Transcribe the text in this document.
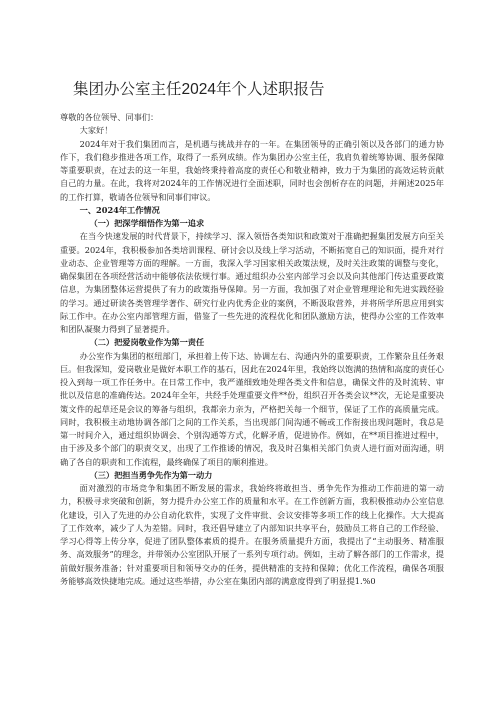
集团办公室主任2024年个人述职报告

尊敬的各位领导、同事们：

大家好！

2024年对于我们集团而言，是机遇与挑战并存的一年。在集团领导的正确引领以及各部门的通力协作下，我们稳步推进各项工作，取得了一系列成绩。作为集团办公室主任，我肩负着统筹协调、服务保障等重要职责，在过去的这一年里，我始终秉持着高度的责任心和敬业精神，致力于为集团的高效运转贡献自己的力量。在此，我将对2024年的工作情况进行全面述职，同时也会剖析存在的问题，并阐述2025年的工作打算，敬请各位领导和同事们审议。

一、2024年工作情况

（一）把深学细悟作为第一追求

在当今快速发展的时代背景下，持续学习、深入领悟各类知识和政策对于准确把握集团发展方向至关重要。2024年，我积极参加各类培训课程、研讨会以及线上学习活动，不断拓宽自己的知识面，提升对行业动态、企业管理等方面的理解。一方面，我深入学习国家相关政策法规，及时关注政策的调整与变化，确保集团在各项经营活动中能够依法依规行事。通过组织办公室内部学习会以及向其他部门传达重要政策信息，为集团整体运营提供了有力的政策指导保障。另一方面，我加强了对企业管理理论和先进实践经验的学习。通过研读各类管理学著作、研究行业内优秀企业的案例，不断汲取营养，并将所学所思应用到实际工作中。在办公室内部管理方面，借鉴了一些先进的流程优化和团队激励方法，使得办公室的工作效率和团队凝聚力得到了显著提升。

（二）把爱岗敬业作为第一责任

办公室作为集团的枢纽部门，承担着上传下达、协调左右、沟通内外的重要职责，工作繁杂且任务艰巨。但我深知，爱岗敬业是做好本职工作的基石，因此在2024年里，我始终以饱满的热情和高度的责任心投入到每一项工作任务中。在日常工作中，我严谨细致地处理各类文件和信息，确保文件的及时流转、审批以及信息的准确传达。2024年全年，共经手处理重要文件**份，组织召开各类会议**次，无论是重要决策文件的起草还是会议的筹备与组织，我都亲力亲为，严格把关每一个细节，保证了工作的高质量完成。同时，我积极主动地协调各部门之间的工作关系，当出现部门间沟通不畅或工作衔接出现问题时，我总是第一时间介入，通过组织协调会、个别沟通等方式，化解矛盾，促进协作。例如，在**项目推进过程中，由于涉及多个部门的职责交叉，出现了工作推诿的情况，我及时召集相关部门负责人进行面对面沟通，明确了各自的职责和工作流程，最终确保了项目的顺利推进。

（三）把担当勇争先作为第一动力

面对激烈的市场竞争和集团不断发展的需求，我始终将敢担当、勇争先作为推动工作前进的第一动力，积极寻求突破和创新，努力提升办公室工作的质量和水平。在工作创新方面，我积极推动办公室信息化建设，引入了先进的办公自动化软件，实现了文件审批、会议安排等多项工作的线上化操作。大大提高了工作效率，减少了人为差错。同时，我还倡导建立了内部知识共享平台，鼓励员工将自己的工作经验、学习心得等上传分享，促进了团队整体素质的提升。在服务质量提升方面，我提出了“主动服务、精准服务、高效服务”的理念，并带领办公室团队开展了一系列专项行动。例如，主动了解各部门的工作需求，提前做好服务准备；针对重要项目和领导交办的任务，提供精准的支持和保障；优化工作流程，确保各项服务能够高效快捷地完成。通过这些举措，办公室在集团内部的满意度得到了明显提1.%0
